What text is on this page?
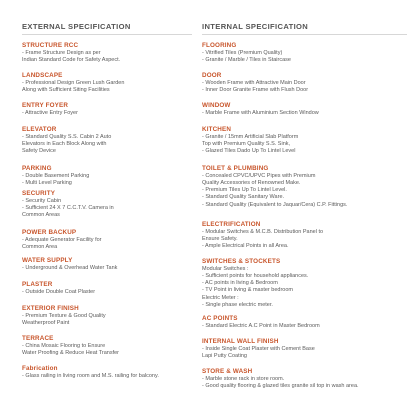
EXTERNAL SPECIFICATION
STRUCTURE RCC
- Frame Structure Design as per
Indian Standard Code for Safety Aspect.
LANDSCAPE
- Professional Design Green Lush Garden
Along with Sufficient Siting Facilities
ENTRY FOYER
- Attractive Entry Foyer
ELEVATOR
- Standard Quality S.S. Cabin 2 Auto
Elevators in Each Block Along with
Safety Device
PARKING
- Double Basement Parking
- Multi Level Parking
SECURITY
- Security Cabin
- Sufficient 24 X 7 C.C.T.V. Camera in
Common Areas
POWER BACKUP
- Adequate Generator Facility for
Common Area
WATER SUPPLY
- Underground & Overhead Water Tank
PLASTER
- Outside Double Coat Plaster
EXTERIOR FINISH
- Premium Texture & Good Quality
Weatherproof Paint
TERRACE
- China Mosaic Flooring to Ensure
Water Proofing & Reduce Heat Transfer
Fabrication
- Glass railing in living room and M.S. railing for balcony.
INTERNAL SPECIFICATION
FLOORING
- Vitrified Tiles (Premium Quality)
- Granite / Marble / Tiles in Staircase
DOOR
- Wooden Frame with Attractive Main Door
- Inner Door Granite Frame with Flush Door
WINDOW
- Marble Frame with Aluminium Section Window
KITCHEN
- Granite / 15mm Artificial Slab Platform
Top with Premium Quality S.S. Sink,
- Glazed Tiles Dado Up To Lintel Level
TOILET & PLUMBING
- Concealed CPVC/UPVC Pipes with Premium
Quality Accessories of Renowned Make.
- Premium Tiles Up To Lintel Level.
- Standard Quality Sanitary Ware.
- Standard Quality (Equivalent to Jaquar/Cera) C.P. Fittings.
ELECTRIFICATION
- Modular Switches & M.C.B. Distribution Panel to
Ensure Safety.
- Ample Electrical Points in all Area.
SWITCHES & STOCKETS
Modular Switches :
- Sufficient points for household appliances.
- AC points in living & Bedroom
- TV Point in living & master bedroom
Electric Meter :
- Single phase electric meter.
AC POINTS
- Standard Electric A.C Point in Master Bedroom
INTERNAL WALL FINISH
- Inside Single Coat Plaster with Cement Base
Lapi Putty Coating
STORE & WASH
- Marble stone rack in store room.
- Good quality flooring & glazed tiles granite sil top in wash area.
